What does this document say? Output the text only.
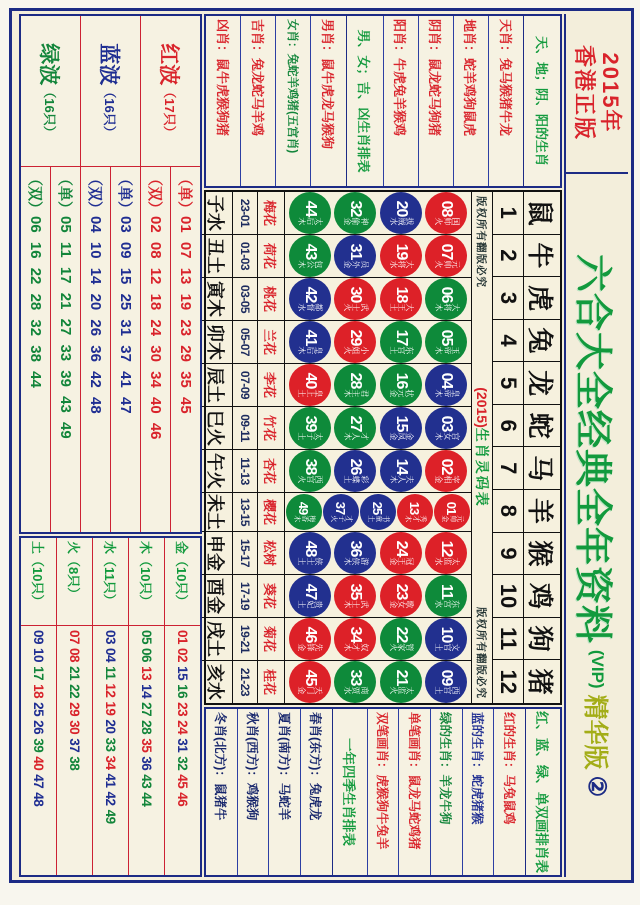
2015年
香港正版
六合大全经典全年资料
(VIP)
精华版
②
天、地；阴、阳的生肖
天肖：兔马猴猪牛龙
地肖：蛇羊鸡狗鼠虎
阴肖：鼠龙蛇马狗猪
阳肖：牛虎兔羊猴鸡
男、女；吉、凶生肖排表
男肖：鼠牛虎龙马猴狗
女肖：兔蛇羊鸡猪(五宫肖)
吉肖：兔龙蛇马羊鸡
凶肖：鼠牛虎猴狗猪
鼠
牛
虎
兔
龙
蛇
马
羊
猴
鸡
狗
猪
1
2
3
4
5
6
7
8
9
10
11
12
版权所有翻版必究
(2015)生肖灵码表
版权所有翻版必究
08
国
师
火
20
拔
贼
水
32
神
偷
金
44
太
后
木
梅花
23-01
子水
07
元
帅
火
19
大
将
水
31
员
外
金
43
包
公
木
荷花
01-03
丑土
06
大
将
木
18
大
王
土
30
武
士
火
42
都
督
水
桃花
03-05
寅木
05
玉
帝
木
17
东
宫
土
29
小
姐
火
41
皇
后
木
兰花
05-07
卯木
04
皇
帝
木
16
状
元
金
28
君
主
木
40
皇
上
土
李花
07-09
辰土
03
宫
女
木
15
金
凤
金
27
才
人
木
39
太
子
土
竹花
09-11
巳火
02
宰
相
金
14
夫
人
木
26
彩
蝶
土
38
西
宫
火
杏花
11-13
午火
01
元
帅
金
13
秀
才
木
25
书
童
土
37
才
子
火
49
梅
香
木
樱花
13-15
未土
12
太
监
水
24
冠
王
金
36
游
侠
木
48
侠
士
土
松树
15-17
申金
11
东
宫
水
23
歌
女
金
35
武
士
木
47
贵
妃
土
葵花
17-19
酉金
10
文
官
土
22
管
家
火
34
奴
才
木
46
先
锋
金
菊花
19-21
戌土
09
西
宫
土
21
太
监
火
33
商
贾
水
45
天
门
金
桂花
21-23
亥水
红、蓝、绿、单双画排肖表
红的生肖：马兔鼠鸡
蓝的生肖：蛇虎猪猴
绿的生肖：羊龙牛狗
单笔画肖：鼠龙马蛇鸡猪
双笔画肖：虎猴狗牛兔羊
一年四季生肖排表
春肖(东方)：兔虎龙
夏肖(南方)：马蛇羊
秋肖(西方)：鸡猴狗
冬肖(北方)：鼠猪牛
红波
（17只）
（单）
01 07 13 19 23 29 35 45
（双）
02 08 12 18 24 30 34 40 46
蓝波
（16只）
（单）
03 09 15 25 31 37 41 47
（双）
04 10 14 20 26 36 42 48
绿波
（16只）
（单）
05 11 17 21 27 33 39 43 49
（双）
06 16 22 28 32 38 44
金（10只）
01
02
15
16
23
24
31
32
45
46
木（10只）
05
06
13
14
27
28
35
36
43
44
水（11只）
03
04
11
12
19
20
33
34
41
42
49
火（8只）
07
08
21
22
29
30
37
38
土（10只）
09
10
17
18
25
26
39
40
47
48
